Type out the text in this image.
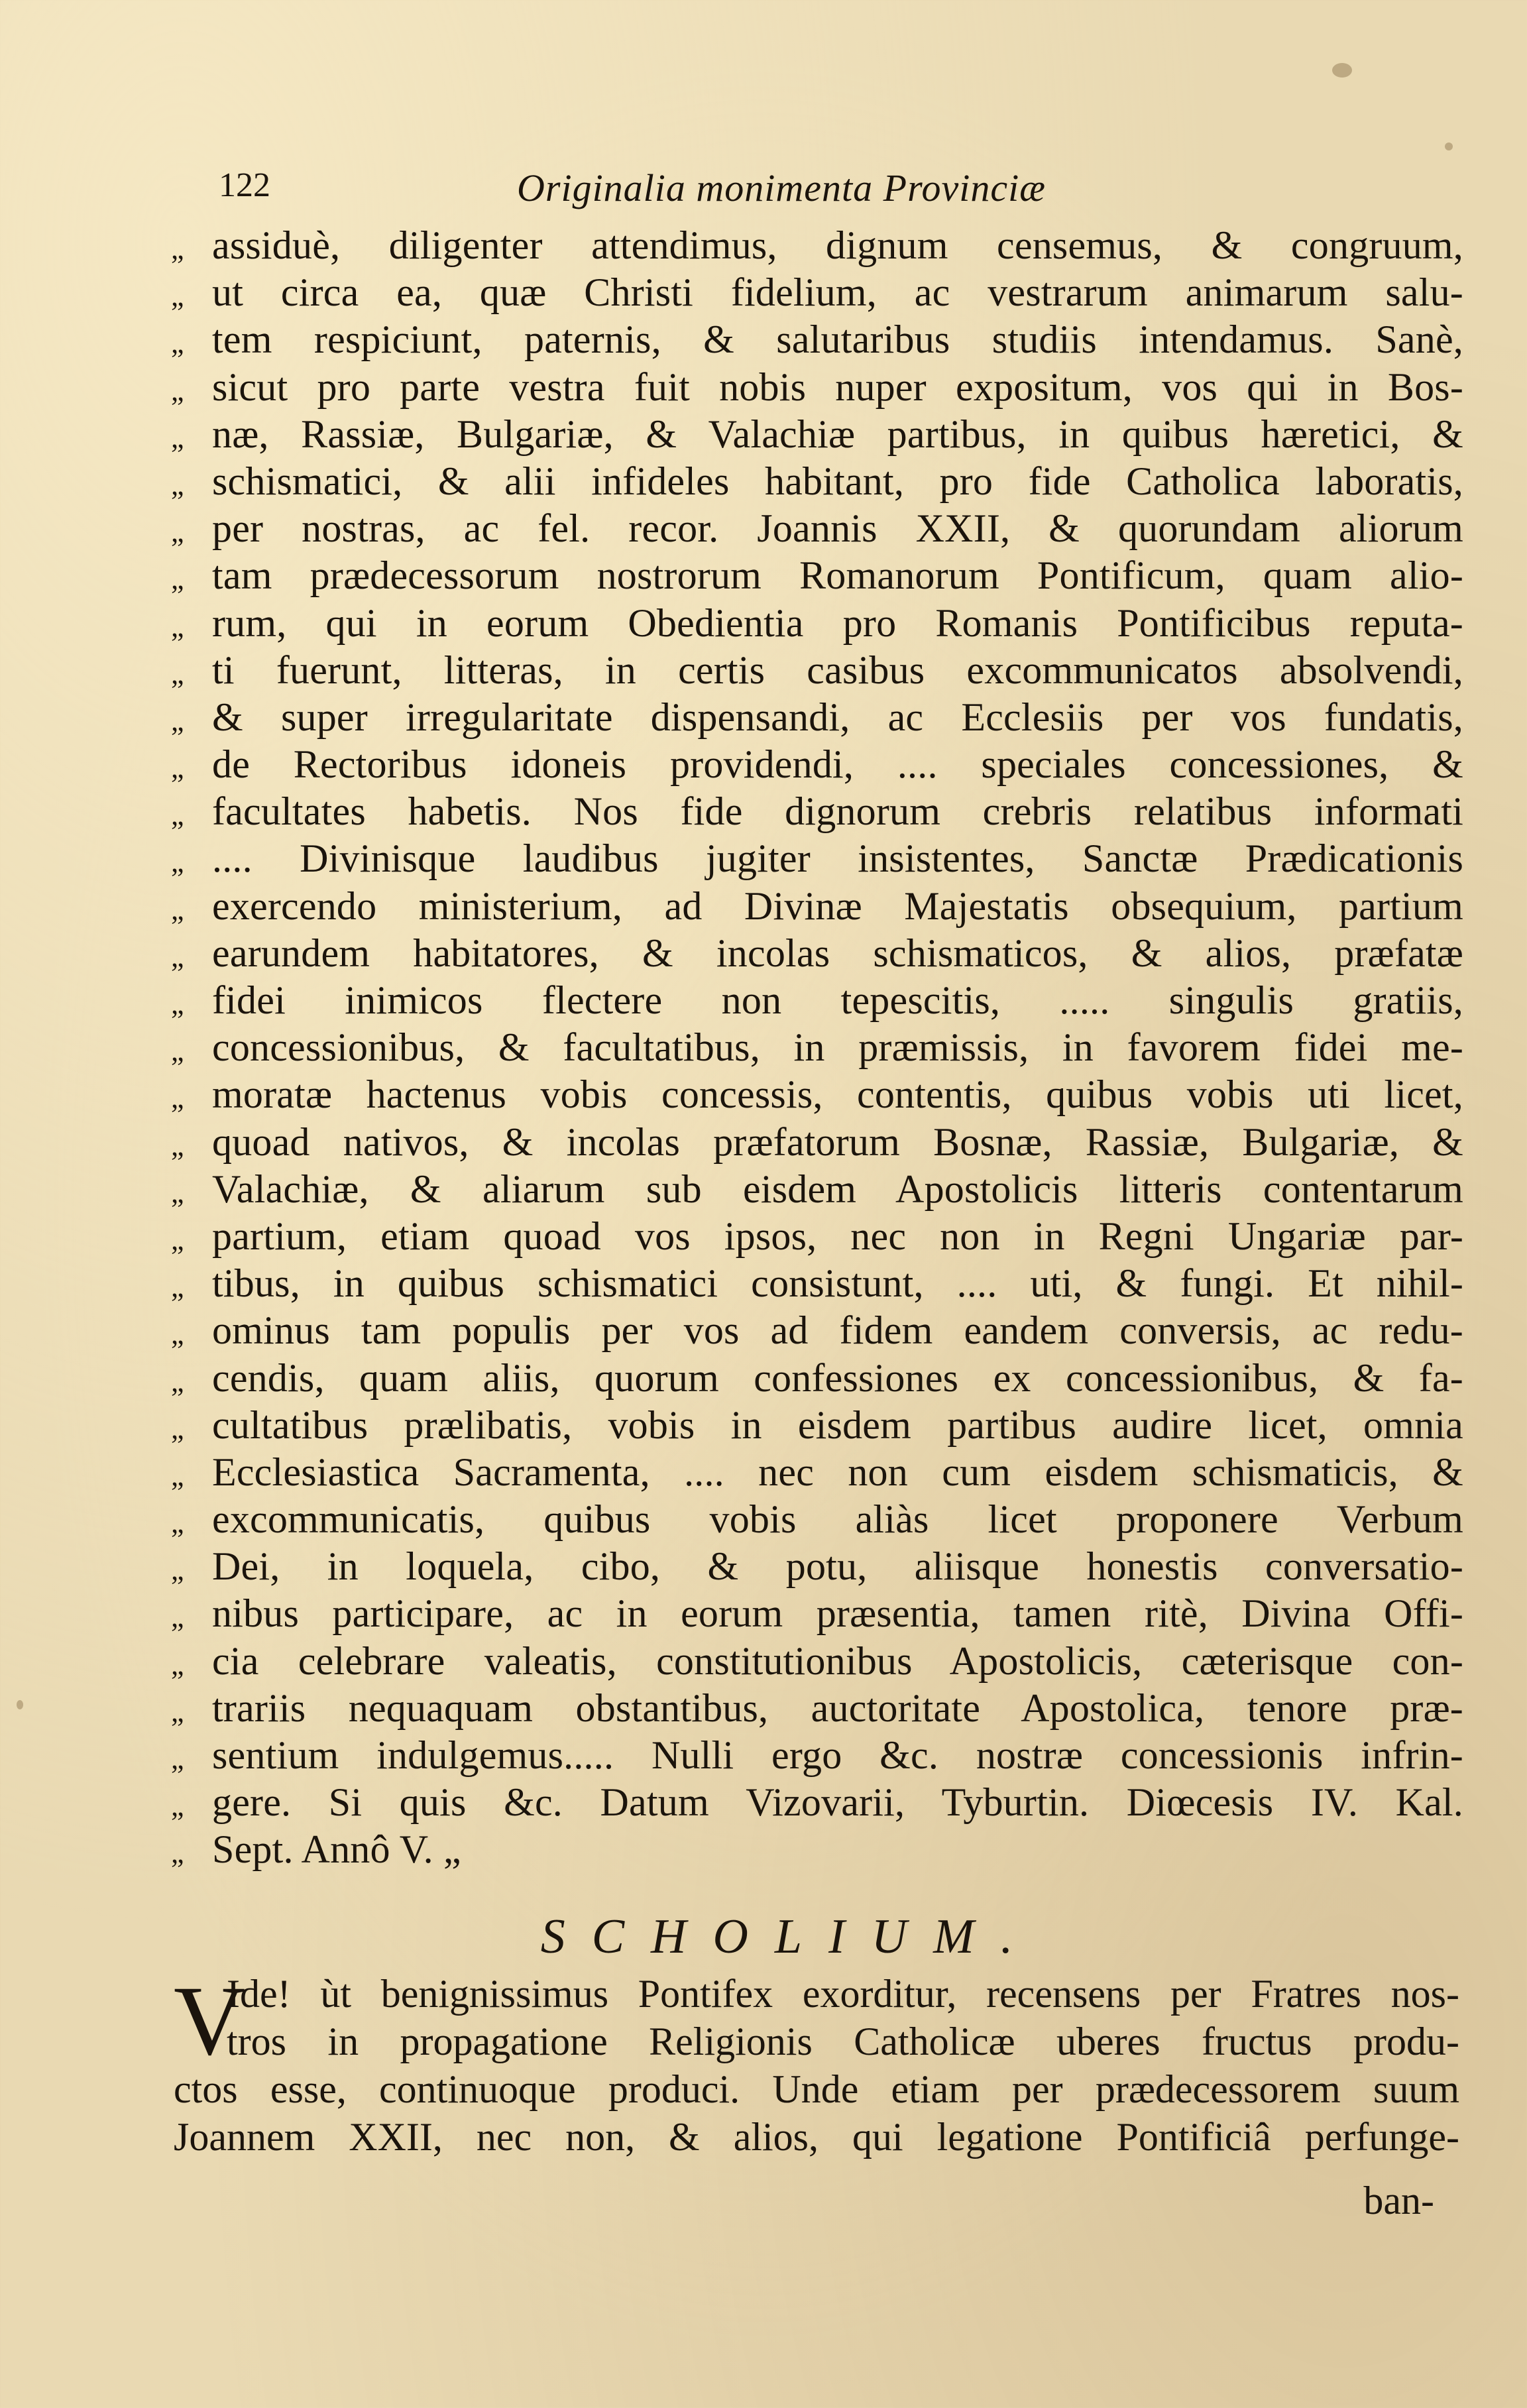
122	Originalia monimenta Provinciæ
„ assiduè, diligenter attendimus, dignum censemus, & congruum,
„ ut circa ea, quæ Christi fidelium, ac vestrarum animarum salu-
„ tem respiciunt, paternis, & salutaribus studiis intendamus. Sanè,
„ sicut pro parte vestra fuit nobis nuper expositum, vos qui in Bos-
„ næ, Rassiæ, Bulgariæ, & Valachiæ partibus, in quibus hæretici, &
„ schismatici, & alii infideles habitant, pro fide Catholica laboratis,
„ per nostras, ac fel. recor. Joannis XXII, & quorundam aliorum
„ tam prædecessorum nostrorum Romanorum Pontificum, quam alio-
„ rum, qui in eorum Obedientia pro Romanis Pontificibus reputa-
„ ti fuerunt, litteras, in certis casibus excommunicatos absolvendi,
„ & super irregularitate dispensandi, ac Ecclesiis per vos fundatis,
„ de Rectoribus idoneis providendi, .... speciales concessiones, &
„ facultates habetis. Nos fide dignorum crebris relatibus informati
„ .... Divinisque laudibus jugiter insistentes, Sanctæ Prædicationis
„ exercendo ministerium, ad Divinæ Majestatis obsequium, partium
„ earundem habitatores, & incolas schismaticos, & alios, præfatæ
„ fidei inimicos flectere non tepescitis, ..... singulis gratiis,
„ concessionibus, & facultatibus, in præmissis, in favorem fidei me-
„ moratæ hactenus vobis concessis, contentis, quibus vobis uti licet,
„ quoad nativos, & incolas præfatorum Bosnæ, Rassiæ, Bulgariæ, &
„ Valachiæ, & aliarum sub eisdem Apostolicis litteris contentarum
„ partium, etiam quoad vos ipsos, nec non in Regni Ungariæ par-
„ tibus, in quibus schismatici consistunt, .... uti, & fungi. Et nihil-
„ ominus tam populis per vos ad fidem eandem conversis, ac redu-
„ cendis, quam aliis, quorum confessiones ex concessionibus, & fa-
„ cultatibus prælibatis, vobis in eisdem partibus audire licet, omnia
„ Ecclesiastica Sacramenta, .... nec non cum eisdem schismaticis, &
„ excommunicatis, quibus vobis aliàs licet proponere Verbum
„ Dei, in loquela, cibo, & potu, aliisque honestis conversatio-
„ nibus participare, ac in eorum præsentia, tamen ritè, Divina Offi-
„ cia celebrare valeatis, constitutionibus Apostolicis, cæterisque con-
„ trariis nequaquam obstantibus, auctoritate Apostolica, tenore præ-
„ sentium indulgemus..... Nulli ergo &c. nostræ concessionis infrin-
„ gere. Si quis &c. Datum Vizovarii, Tyburtin. Diœcesis IV. Kal.
„ Sept. Annô V. „
SCHOLIUM.
V
Ide! ùt benignissimus Pontifex exorditur, recensens per Fratres nos-
tros in propagatione Religionis Catholicæ uberes fructus produ-
ctos esse, continuoque produci. Unde etiam per prædecessorem suum
Joannem XXII, nec non, & alios, qui legatione Pontificiâ perfunge-
ban-
